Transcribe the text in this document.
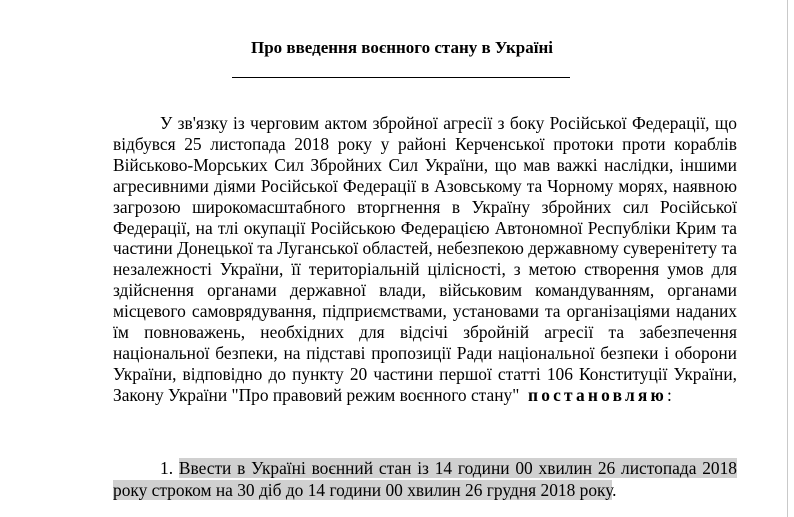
Про введення воєнного стану в Україні

У зв'язку із черговим актом збройної агресії з боку Російської Федерації, що відбувся 25 листопада 2018 року у районі Керченської протоки проти кораблів Військово-Морських Сил Збройних Сил України, що мав важкі наслідки, іншими агресивними діями Російської Федерації в Азовському та Чорному морях, наявною загрозою широкомасштабного вторгнення в Україну збройних сил Російської Федерації, на тлі окупації Російською Федерацією Автономної Республіки Крим та частини Донецької та Луганської областей, небезпекою державному суверенітету та незалежності України, її територіальній цілісності, з метою створення умов для здійснення органами державної влади, військовим командуванням, органами місцевого самоврядування, підприємствами, установами та організаціями наданих їм повноважень, необхідних для відсічі збройній агресії та забезпечення національної безпеки, на підставі пропозиції Ради національної безпеки і оборони України, відповідно до пункту 20 частини першої статті 106 Конституції України, Закону України "Про правовий режим воєнного стану" постановляю:

1. Ввести в Україні воєнний стан із 14 години 00 хвилин 26 листопада 2018 року строком на 30 діб до 14 години 00 хвилин 26 грудня 2018 року.
